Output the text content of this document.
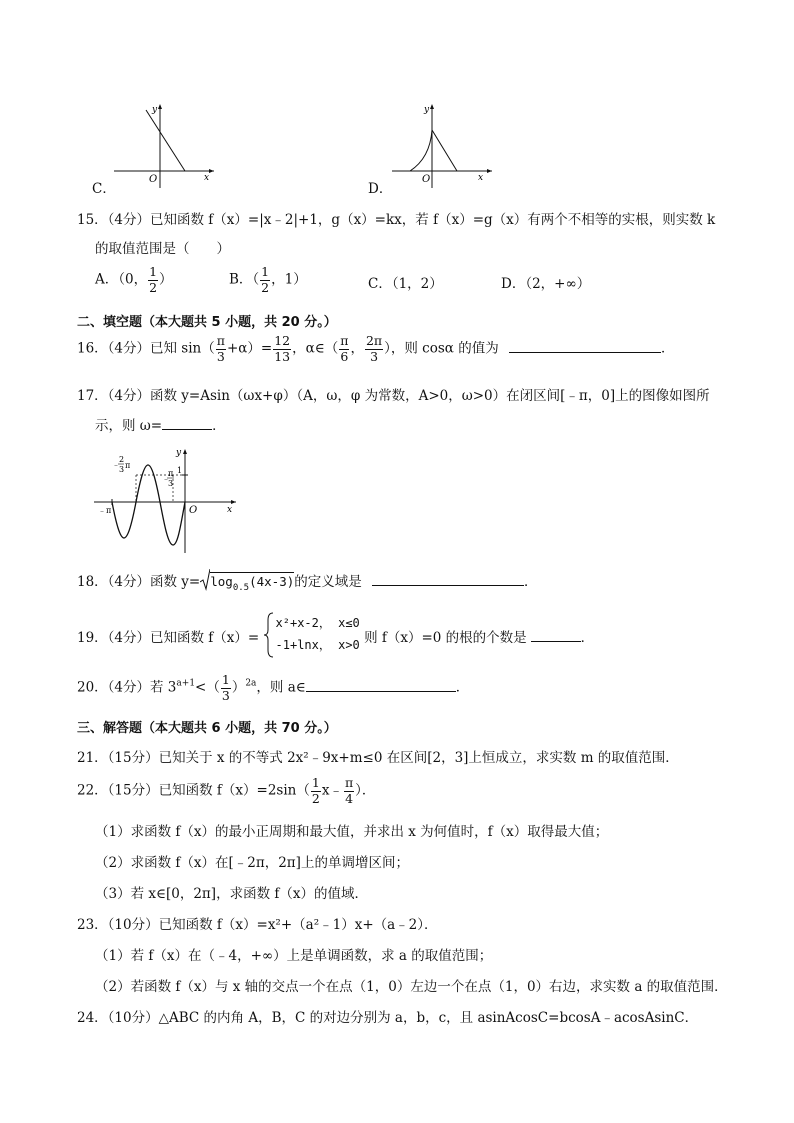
y
x
O
C．
y
x
O
D．
15．（4分）已知函数 f（x）=|x﹣2|+1，g（x）=kx，若 f（x）=g（x）有两个不相等的实根，则实数 k
的取值范围是（　　）
A．（0， $\frac{1}{2}$ ）	B．（ $\frac{1}{2}$ ，1）	C．（1，2）	D．（2，+∞）
二、填空题（本大题共 5 小题，共 20 分。）
16．（4分）已知 $\sin( \frac{\pi}{3} +\alpha)= \frac{12}{13}$ ，α∈（ $\frac{\pi}{6}$ ， $\frac{2\pi}{3}$ ），则 cosα 的值为	．
17．（4分）函数 y=Asin（ωx+φ）（A，ω，φ 为常数，A>0，ω>0）在闭区间[﹣π，0]上的图像如图所
示，则 ω=	．
y
x
O
1
﹣π
﹣
2
3 π
﹣
π
3
18．（4分）函数 $y= \log_{0.5}(4x-3)$的定义域是	．
19．（4分）已知函数 f（x）=
x²+x-2， x≤0
-1+lnx， x>0 则 f（x）=0 的根的个数是	．
20．（4分）若 $3^{a+1}<( \frac{1}{3} )^{2a}$，则 a∈	．
三、解答题（本大题共 6 小题，共 70 分。）
21．（15分）已知关于 x 的不等式 2x²﹣9x+m≤0 在区间[2，3]上恒成立，求实数 m 的取值范围．
22．（15分）已知函数 $f(x)=2\sin( \frac{1}{2}$ x﹣ $\frac{\pi}{4}$ ）．
（1）求函数 f（x）的最小正周期和最大值，并求出 x 为何值时，f（x）取得最大值；
（2）求函数 f（x）在[﹣2π，2π]上的单调增区间；
（3）若 x∈[0，2π]，求函数 f（x）的值域．
23．（10分）已知函数 f（x）=x²+（a²﹣1）x+（a﹣2）．
（1）若 f（x）在（﹣4，+∞）上是单调函数，求 a 的取值范围；
（2）若函数 f（x）与 x 轴的交点一个在点（1，0）左边一个在点（1，0）右边，求实数 a 的取值范围．
24．（10分）△ABC 的内角 A，B，C 的对边分别为 a，b，c，且 asinAcosC=bcosA﹣acosAsinC．
